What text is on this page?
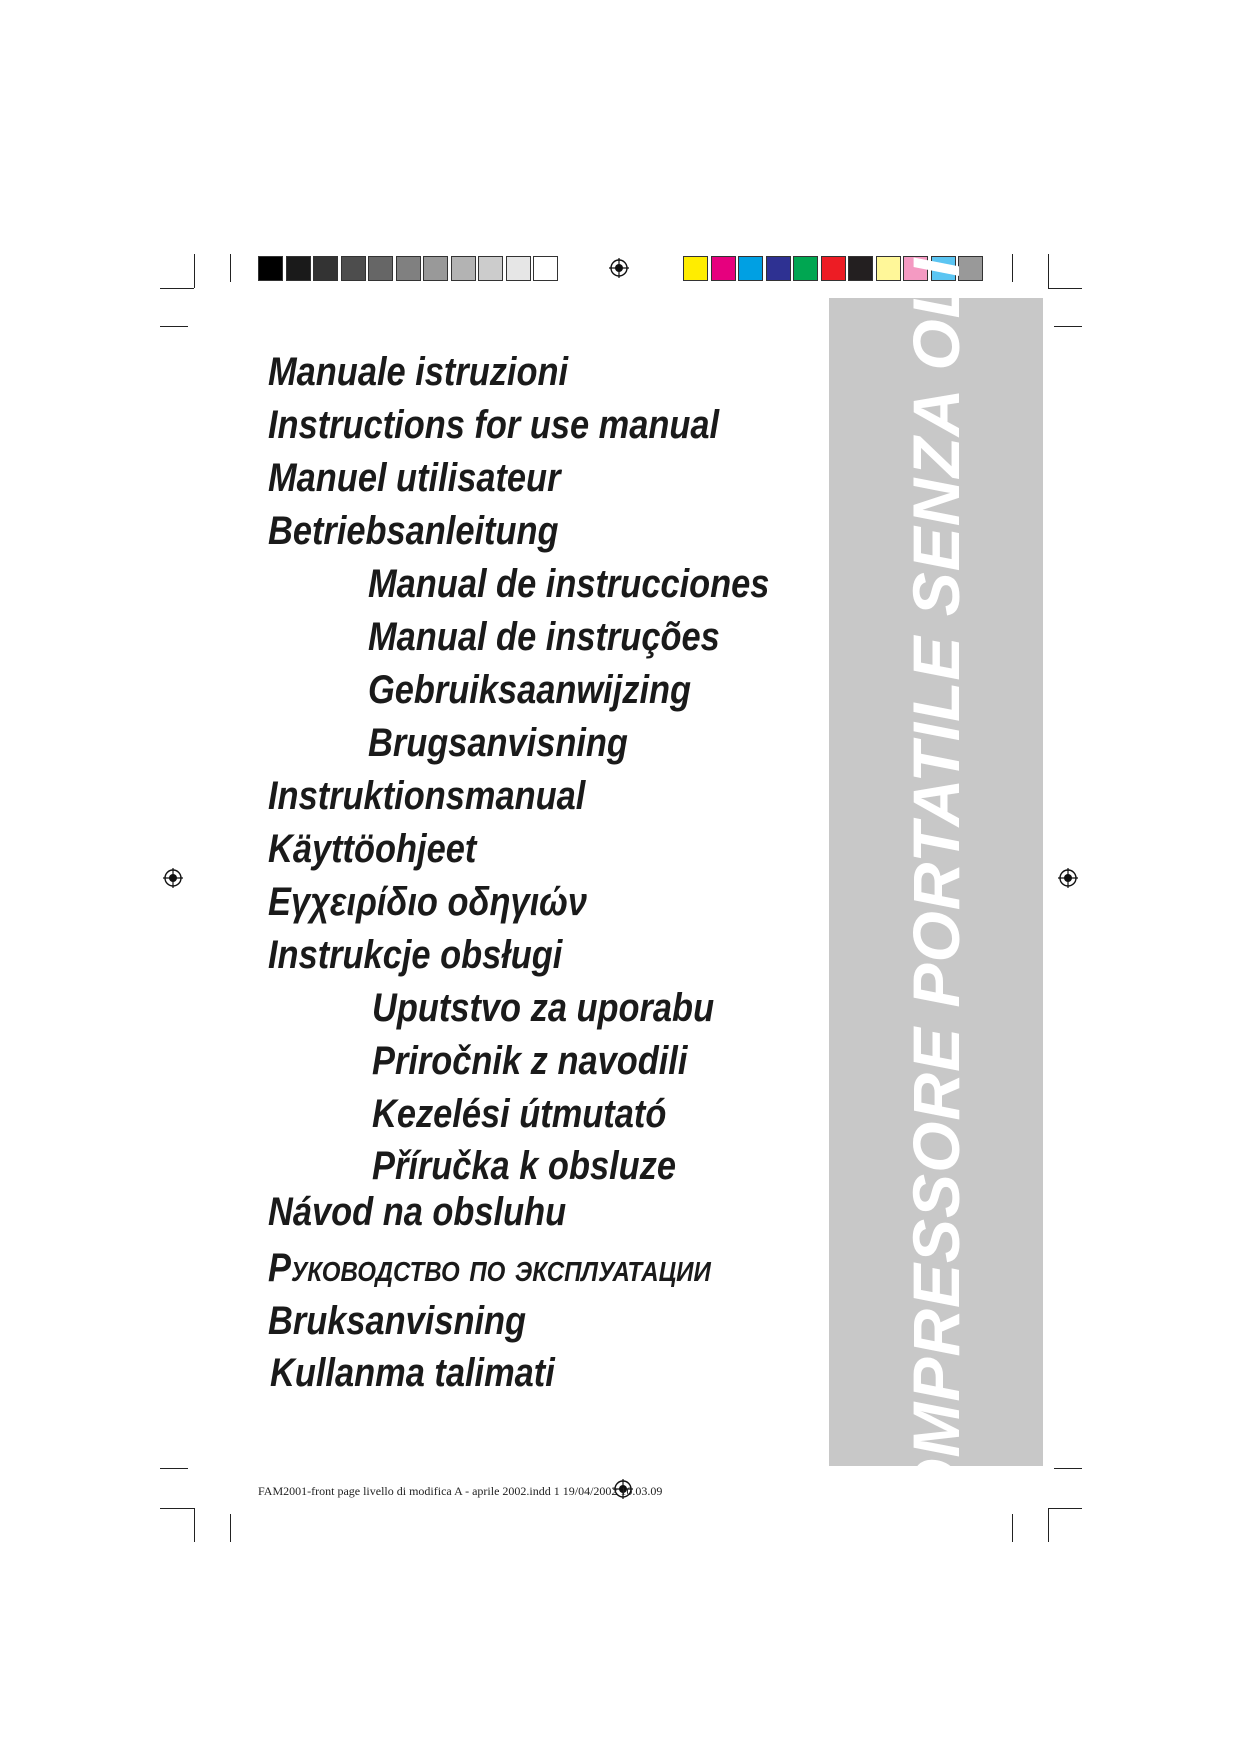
Manuale istruzioni
Instructions for use manual
Manuel utilisateur
Betriebsanleitung
Manual de instrucciones
Manual de instruções
Gebruiksaanwijzing
Brugsanvisning
Instruktionsmanual
Käyttöohjeet
Εγχειρίδιο οδηγιών
Instrukcje obsługi
Uputstvo za uporabu
Priročnik z navodili
Kezelési útmutató
Příručka k obsluze
Návod na obsluhu
Руководство по эксплуатации
Bruksanvisning
Kullanma talimati	COMPRESSORE PORTATILE SENZA OLIO
FAM2001-front page livello di modifica A - aprile 2002.indd 1 19/04/2002 10.03.09
